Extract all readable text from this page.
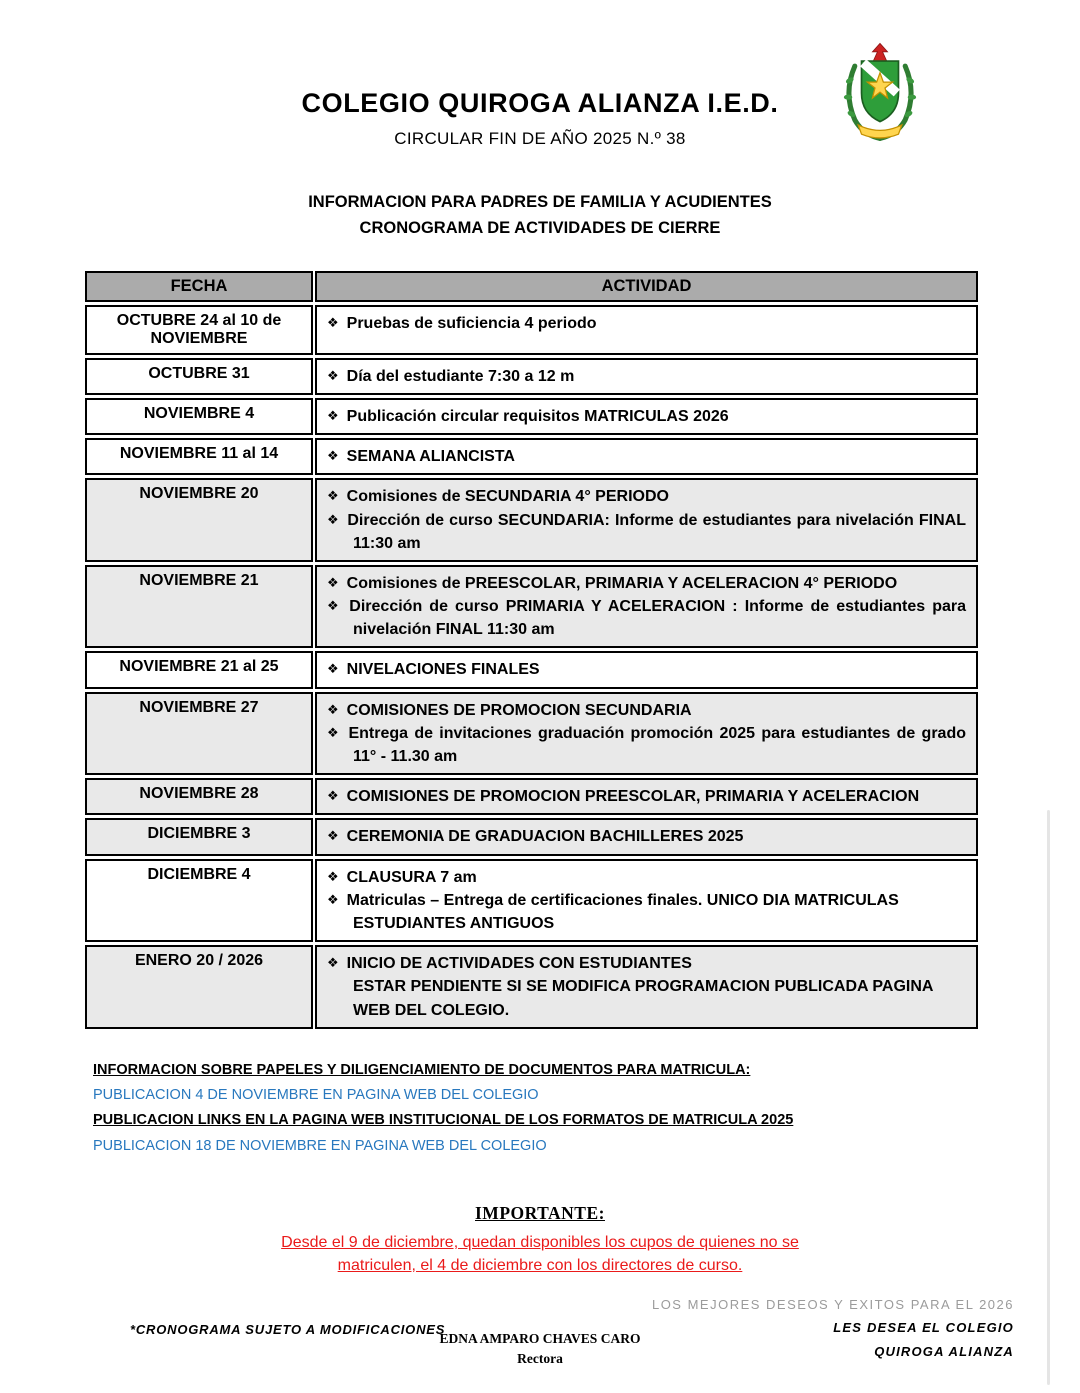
COLEGIO QUIROGA ALIANZA I.E.D.
CIRCULAR FIN DE AÑO 2025 N.º 38
INFORMACION PARA PADRES DE FAMILIA Y ACUDIENTES
CRONOGRAMA DE ACTIVIDADES DE CIERRE
FECHA	ACTIVIDAD
OCTUBRE 24 al 10 de NOVIEMBRE	❖ Pruebas de suficiencia 4 periodo

OCTUBRE 31	❖ Día del estudiante 7:30 a 12 m

NOVIEMBRE 4	❖ Publicación circular requisitos MATRICULAS 2026

NOVIEMBRE 11 al 14	❖ SEMANA ALIANCISTA

NOVIEMBRE 20	❖ Comisiones de SECUNDARIA 4° PERIODO
❖ Dirección de curso SECUNDARIA: Informe de estudiantes para nivelación FINAL 11:30 am

NOVIEMBRE 21	❖ Comisiones de PREESCOLAR, PRIMARIA Y ACELERACION 4° PERIODO
❖ Dirección de curso PRIMARIA Y ACELERACION : Informe de estudiantes para nivelación FINAL 11:30 am

NOVIEMBRE 21 al 25	❖ NIVELACIONES FINALES

NOVIEMBRE 27	❖ COMISIONES DE PROMOCION SECUNDARIA
❖ Entrega de invitaciones graduación promoción 2025 para estudiantes de grado 11° - 11.30 am

NOVIEMBRE 28	❖ COMISIONES DE PROMOCION PREESCOLAR, PRIMARIA Y ACELERACION

DICIEMBRE 3	❖ CEREMONIA DE GRADUACION BACHILLERES 2025

DICIEMBRE 4	❖ CLAUSURA 7 am
❖ Matriculas – Entrega de certificaciones finales. UNICO DIA MATRICULAS ESTUDIANTES ANTIGUOS

ENERO 20 / 2026	❖ INICIO DE ACTIVIDADES CON ESTUDIANTES
ESTAR PENDIENTE SI SE MODIFICA PROGRAMACION PUBLICADA PAGINA WEB DEL COLEGIO.
INFORMACION SOBRE PAPELES Y DILIGENCIAMIENTO DE DOCUMENTOS PARA MATRICULA:
PUBLICACION 4 DE NOVIEMBRE EN PAGINA WEB DEL COLEGIO
PUBLICACION LINKS EN LA PAGINA WEB INSTITUCIONAL DE LOS FORMATOS DE MATRICULA 2025
PUBLICACION 18 DE NOVIEMBRE EN PAGINA WEB DEL COLEGIO
IMPORTANTE:
Desde el 9 de diciembre, quedan disponibles los cupos de quienes no se matriculen, el 4 de diciembre con los directores de curso.
EDNA AMPARO CHAVES CARO
Rectora
*CRONOGRAMA SUJETO A MODIFICACIONES
LOS MEJORES DESEOS Y EXITOS PARA EL 2026
LES DESEA EL COLEGIO
QUIROGA ALIANZA
